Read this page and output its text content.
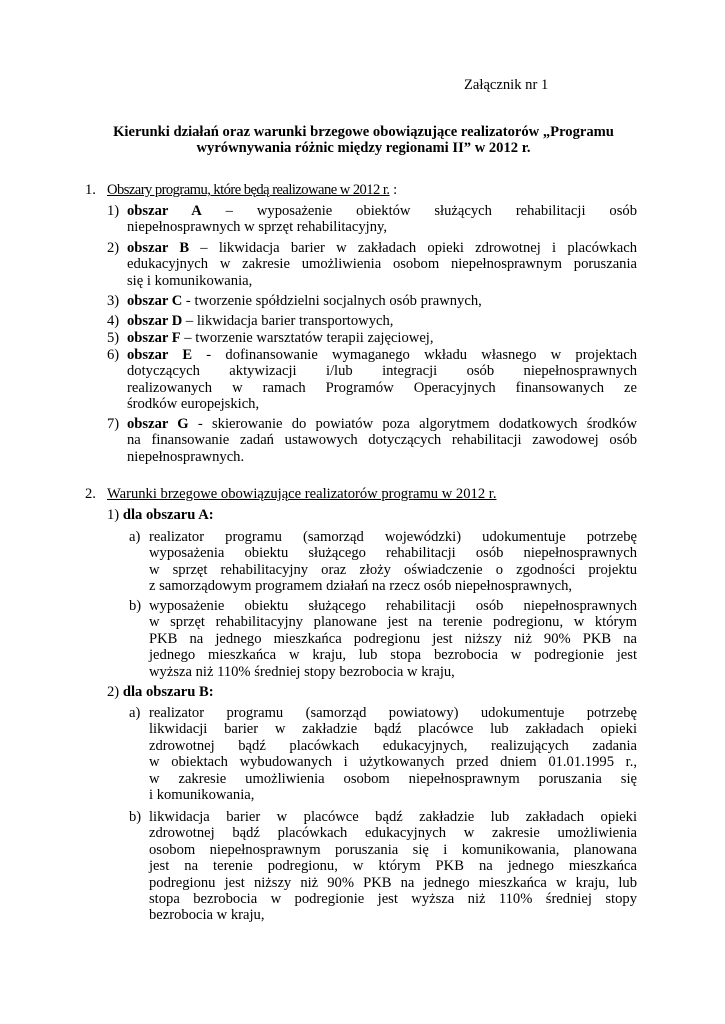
Załącznik nr 1
Kierunki działań oraz warunki brzegowe obowiązujące realizatorów „Programu wyrównywania różnic między regionami II” w 2012 r.
1. Obszary programu, które będą realizowane w 2012 r. :
1) obszar A – wyposażenie obiektów służących rehabilitacji osób
niepełnosprawnych w sprzęt rehabilitacyjny,
2) obszar B – likwidacja barier w zakładach opieki zdrowotnej i placówkach
edukacyjnych w zakresie umożliwienia osobom niepełnosprawnym poruszania
się i komunikowania,
3) obszar C - tworzenie spółdzielni socjalnych osób prawnych,
4) obszar D – likwidacja barier transportowych,
5) obszar F – tworzenie warsztatów terapii zajęciowej,
6) obszar E - dofinansowanie wymaganego wkładu własnego w projektach
dotyczących aktywizacji i/lub integracji osób niepełnosprawnych
realizowanych w ramach Programów Operacyjnych finansowanych ze
środków europejskich,
7) obszar G - skierowanie do powiatów poza algorytmem dodatkowych środków
na finansowanie zadań ustawowych dotyczących rehabilitacji zawodowej osób
niepełnosprawnych.
2. Warunki brzegowe obowiązujące realizatorów programu w 2012 r.
1) dla obszaru A:
a) realizator programu (samorząd wojewódzki) udokumentuje potrzebę
wyposażenia obiektu służącego rehabilitacji osób niepełnosprawnych
w sprzęt rehabilitacyjny oraz złoży oświadczenie o zgodności projektu
z samorządowym programem działań na rzecz osób niepełnosprawnych,
b) wyposażenie obiektu służącego rehabilitacji osób niepełnosprawnych
w sprzęt rehabilitacyjny planowane jest na terenie podregionu, w którym
PKB na jednego mieszkańca podregionu jest niższy niż 90% PKB na
jednego mieszkańca w kraju, lub stopa bezrobocia w podregionie jest
wyższa niż 110% średniej stopy bezrobocia w kraju,
2) dla obszaru B:
a) realizator programu (samorząd powiatowy) udokumentuje potrzebę
likwidacji barier w zakładzie bądź placówce lub zakładach opieki
zdrowotnej bądź placówkach edukacyjnych, realizujących zadania
w obiektach wybudowanych i użytkowanych przed dniem 01.01.1995 r.,
w zakresie umożliwienia osobom niepełnosprawnym poruszania się
i komunikowania,
b) likwidacja barier w placówce bądź zakładzie lub zakładach opieki
zdrowotnej bądź placówkach edukacyjnych w zakresie umożliwienia
osobom niepełnosprawnym poruszania się i komunikowania, planowana
jest na terenie podregionu, w którym PKB na jednego mieszkańca
podregionu jest niższy niż 90% PKB na jednego mieszkańca w kraju, lub
stopa bezrobocia w podregionie jest wyższa niż 110% średniej stopy
bezrobocia w kraju,
